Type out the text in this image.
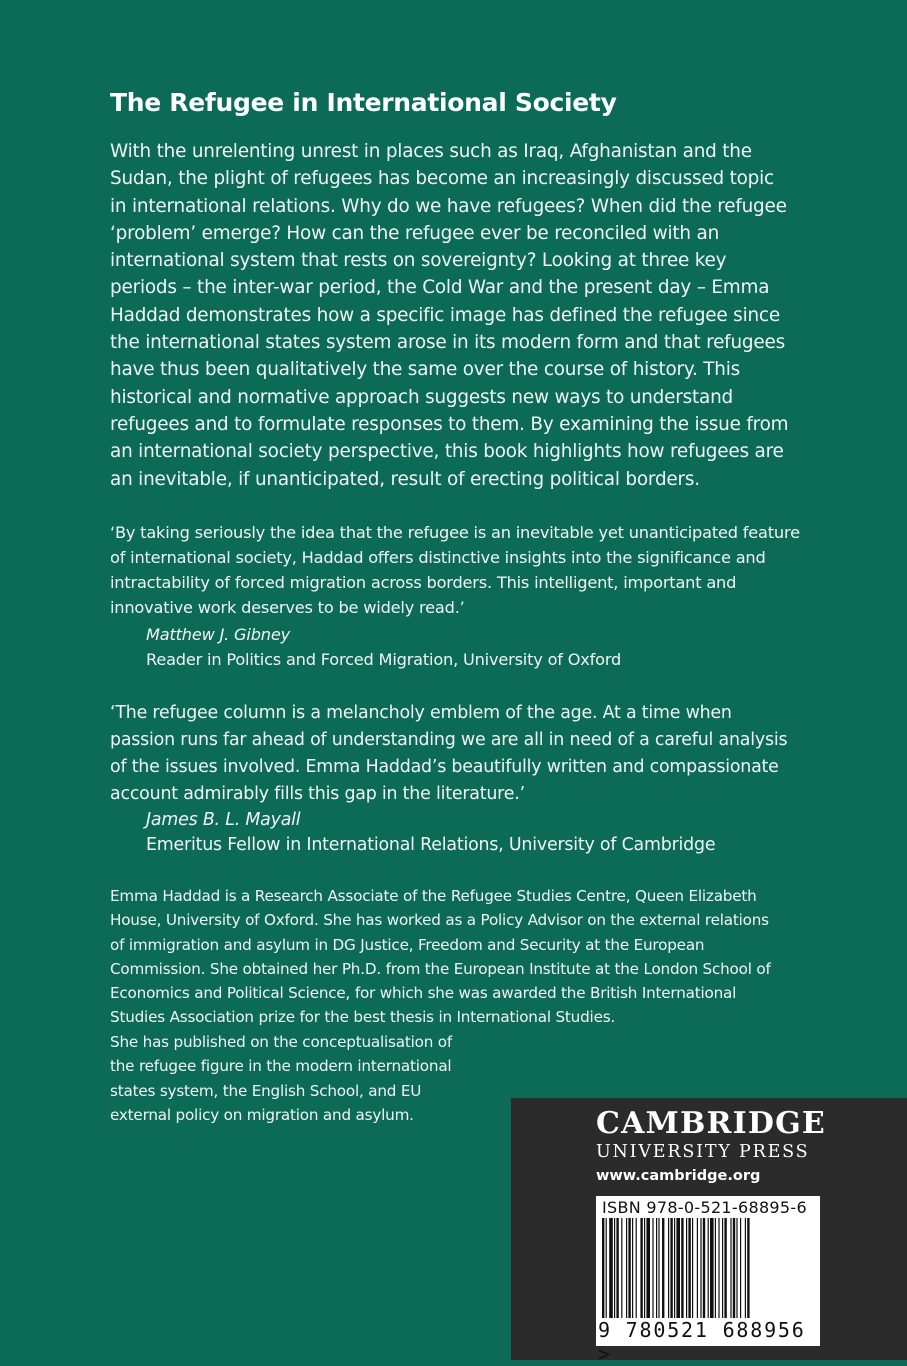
The Refugee in International Society

With the unrelenting unrest in places such as Iraq, Afghanistan and the Sudan, the plight of refugees has become an increasingly discussed topic in international relations. Why do we have refugees? When did the refugee ‘problem’ emerge? How can the refugee ever be reconciled with an international system that rests on sovereignty? Looking at three key periods – the inter-war period, the Cold War and the present day – Emma Haddad demonstrates how a specific image has defined the refugee since the international states system arose in its modern form and that refugees have thus been qualitatively the same over the course of history. This historical and normative approach suggests new ways to understand refugees and to formulate responses to them. By examining the issue from an international society perspective, this book highlights how refugees are an inevitable, if unanticipated, result of erecting political borders.

‘By taking seriously the idea that the refugee is an inevitable yet unanticipated feature of international society, Haddad offers distinctive insights into the significance and intractability of forced migration across borders. This intelligent, important and innovative work deserves to be widely read.’

Matthew J. Gibney
Reader in Politics and Forced Migration, University of Oxford

‘The refugee column is a melancholy emblem of the age. At a time when passion runs far ahead of understanding we are all in need of a careful analysis of the issues involved. Emma Haddad’s beautifully written and compassionate account admirably fills this gap in the literature.’

James B. L. Mayall
Emeritus Fellow in International Relations, University of Cambridge

Emma Haddad is a Research Associate of the Refugee Studies Centre, Queen Elizabeth House, University of Oxford. She has worked as a Policy Advisor on the external relations of immigration and asylum in DG Justice, Freedom and Security at the European Commission. She obtained her Ph.D. from the European Institute at the London School of Economics and Political Science, for which she was awarded the British International Studies Association prize for the best thesis in International Studies.

She has published on the conceptualisation of the refugee figure in the modern international states system, the English School, and EU external policy on migration and asylum.	CAMBRIDGE

UNIVERSITY PRESS

www.cambridge.org

ISBN 978-0-521-68895-6

9 780521 688956 >
